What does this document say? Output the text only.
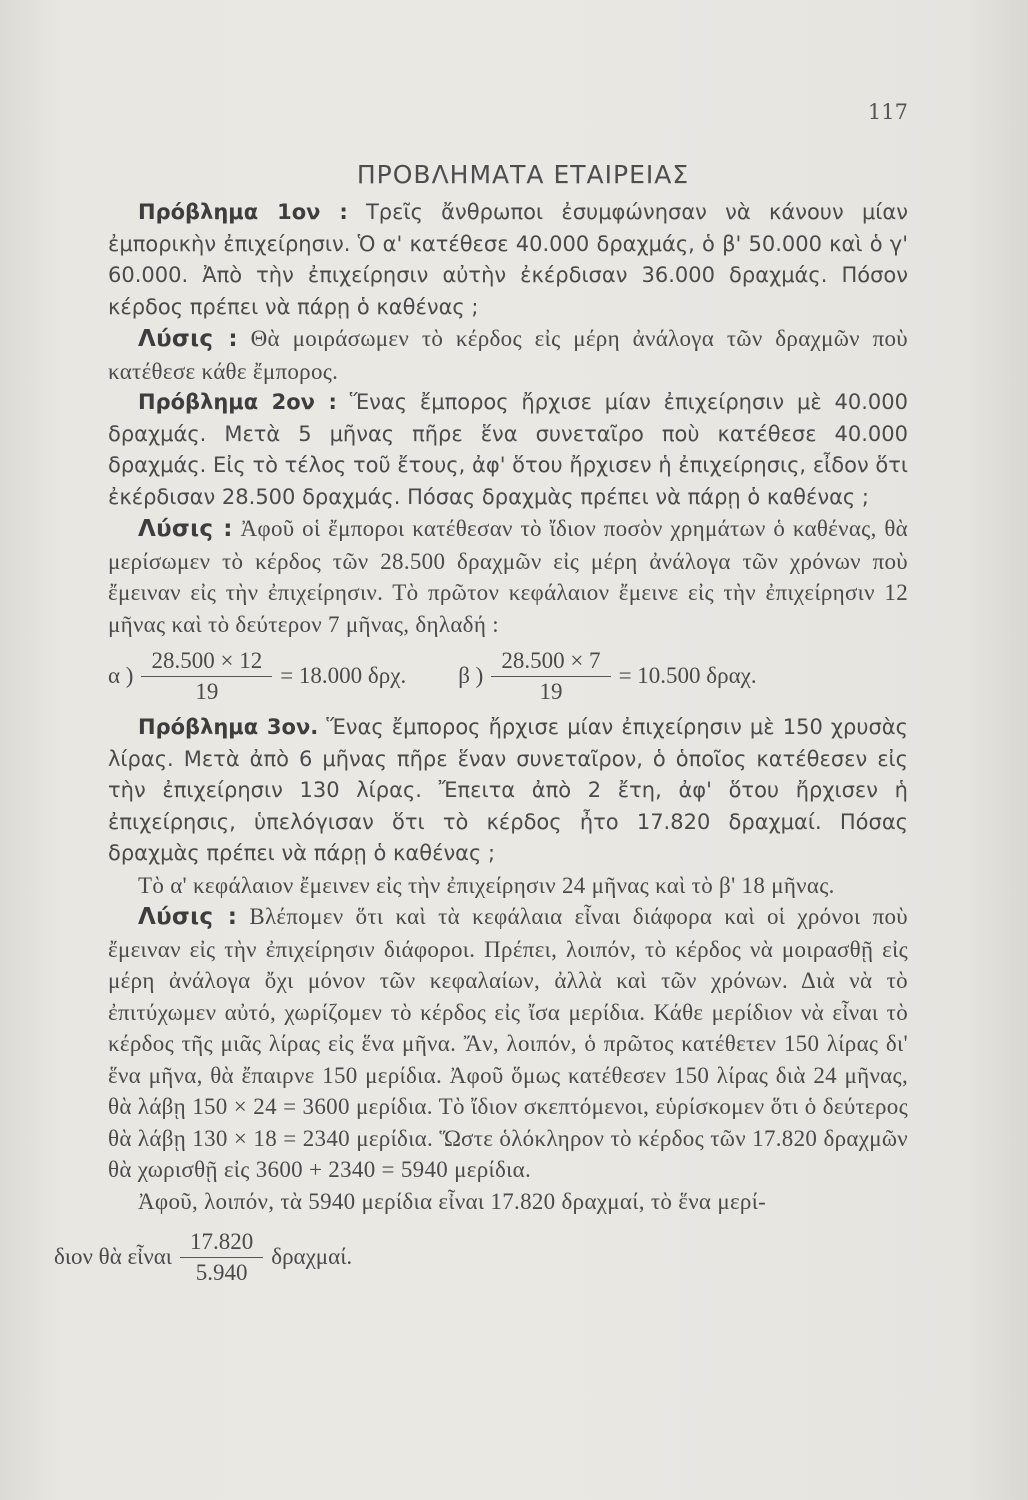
117
ΠΡΟΒΛΗΜΑΤΑ ΕΤΑΙΡΕΙΑΣ

Πρόβλημα 1ον : Τρεῖς ἄνθρωποι ἐσυμφώνησαν νὰ κάνουν μίαν ἐμπορικὴν ἐπιχείρησιν. Ὁ α' κατέθεσε 40.000 δραχμάς, ὁ β' 50.000 καὶ ὁ γ' 60.000. Ἀπὸ τὴν ἐπιχείρησιν αὐτὴν ἐκέρδισαν 36.000 δραχμάς. Πόσον κέρδος πρέπει νὰ πάρῃ ὁ καθένας ;

Λύσις : Θὰ μοιράσωμεν τὸ κέρδος εἰς μέρη ἀνάλογα τῶν δραχμῶν ποὺ κατέθεσε κάθε ἔμπορος.

Πρόβλημα 2ον : Ἕνας ἔμπορος ἤρχισε μίαν ἐπιχείρησιν μὲ 40.000 δραχμάς. Μετὰ 5 μῆνας πῆρε ἕνα συνεταῖρο ποὺ κατέθεσε 40.000 δραχμάς. Εἰς τὸ τέλος τοῦ ἔτους, ἀφ' ὅτου ἤρχισεν ἡ ἐπιχείρησις, εἶδον ὅτι ἐκέρδισαν 28.500 δραχμάς. Πόσας δραχμὰς πρέπει νὰ πάρῃ ὁ καθένας ;

Λύσις : Ἀφοῦ οἱ ἔμποροι κατέθεσαν τὸ ἴδιον ποσὸν χρημάτων ὁ καθένας, θὰ μερίσωμεν τὸ κέρδος τῶν 28.500 δραχμῶν εἰς μέρη ἀνάλογα τῶν χρόνων ποὺ ἔμειναν εἰς τὴν ἐπιχείρησιν. Τὸ πρῶτον κεφάλαιον ἔμεινε εἰς τὴν ἐπιχείρησιν 12 μῆνας καὶ τὸ δεύτερον 7 μῆνας, δηλαδή :

α ) $\frac{28.500 \times 12}{19} = 18.000$ δρχ. β ) $\frac{28.500 \times 7}{19} = 10.500$ δραχ.

Πρόβλημα 3ον. Ἕνας ἔμπορος ἤρχισε μίαν ἐπιχείρησιν μὲ 150 χρυσὰς λίρας. Μετὰ ἀπὸ 6 μῆνας πῆρε ἕναν συνεταῖρον, ὁ ὁποῖος κατέθεσεν εἰς τὴν ἐπιχείρησιν 130 λίρας. Ἔπειτα ἀπὸ 2 ἔτη, ἀφ' ὅτου ἤρχισεν ἡ ἐπιχείρησις, ὑπελόγισαν ὅτι τὸ κέρδος ἦτο 17.820 δραχμαί. Πόσας δραχμὰς πρέπει νὰ πάρῃ ὁ καθένας ;

Τὸ α' κεφάλαιον ἔμεινεν εἰς τὴν ἐπιχείρησιν 24 μῆνας καὶ τὸ β' 18 μῆνας.

Λύσις : Βλέπομεν ὅτι καὶ τὰ κεφάλαια εἶναι διάφορα καὶ οἱ χρόνοι ποὺ ἔμειναν εἰς τὴν ἐπιχείρησιν διάφοροι. Πρέπει, λοιπόν, τὸ κέρδος νὰ μοιρασθῇ εἰς μέρη ἀνάλογα ὄχι μόνον τῶν κεφαλαίων, ἀλλὰ καὶ τῶν χρόνων. Διὰ νὰ τὸ ἐπιτύχωμεν αὐτό, χωρίζομεν τὸ κέρδος εἰς ἴσα μερίδια. Κάθε μερίδιον νὰ εἶναι τὸ κέρδος τῆς μιᾶς λίρας εἰς ἕνα μῆνα. Ἄν, λοιπόν, ὁ πρῶτος κατέθετεν 150 λίρας δι' ἕνα μῆνα, θὰ ἔπαιρνε 150 μερίδια. Ἀφοῦ ὅμως κατέθεσεν 150 λίρας διὰ 24 μῆνας, θὰ λάβῃ 150 × 24 = 3600 μερίδια. Τὸ ἴδιον σκεπτόμενοι, εὑρίσκομεν ὅτι ὁ δεύτερος θὰ λάβῃ 130 × 18 = 2340 μερίδια. Ὥστε ὁλόκληρον τὸ κέρδος τῶν 17.820 δραχμῶν θὰ χωρισθῇ εἰς 3600 + 2340 = 5940 μερίδια.

Ἀφοῦ, λοιπόν, τὰ 5940 μερίδια εἶναι 17.820 δραχμαί, τὸ ἕνα μερί-

διον θὰ εἶναι $\frac{17.820}{5.940} \delta\rho\alpha\chi\mu\alpha ί$.
